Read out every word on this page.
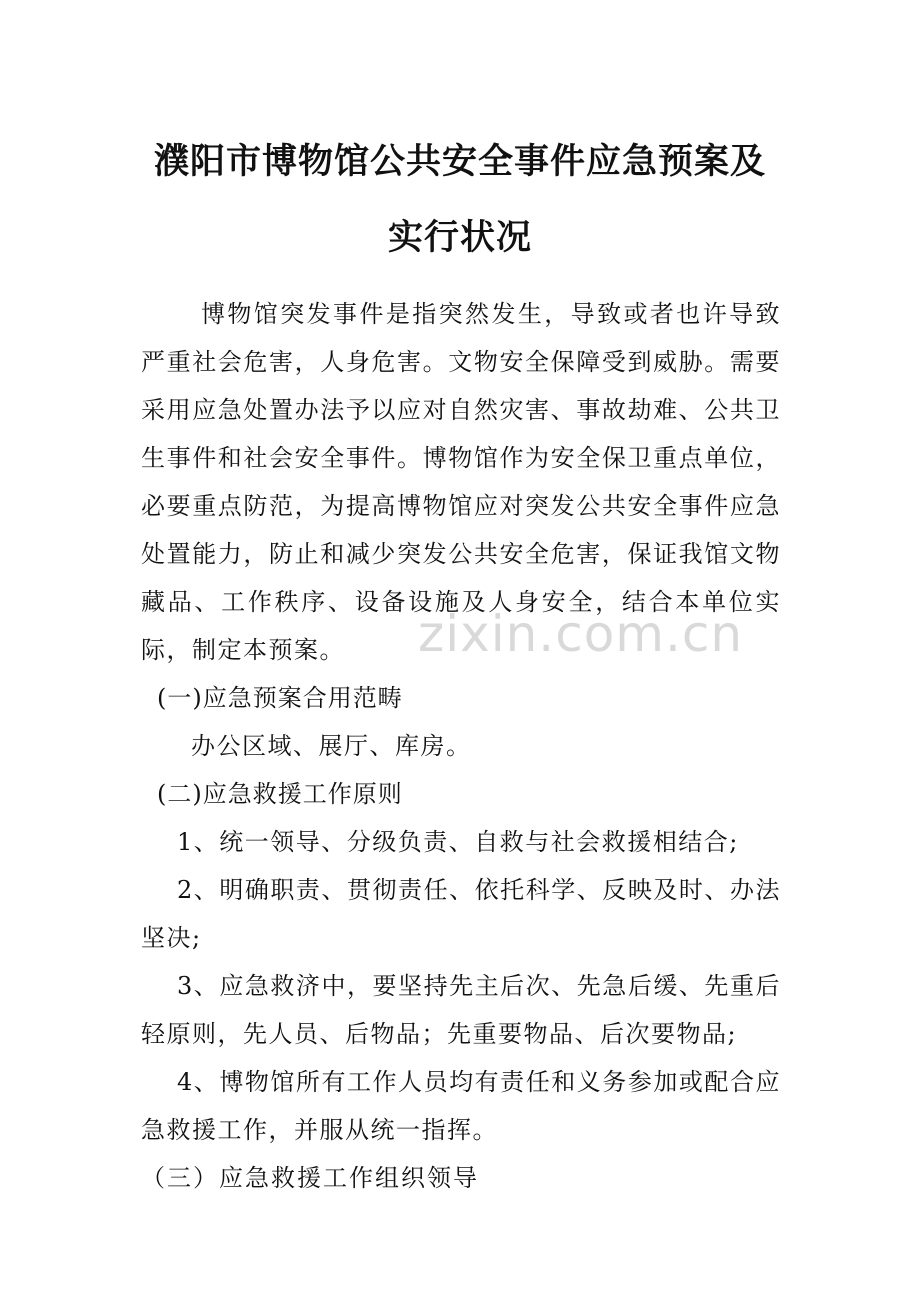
zixin.com.cn
濮阳市博物馆公共安全事件应急预案及
实行状况

博物馆突发事件是指突然发生，导致或者也许导致严重社会危害，人身危害。文物安全保障受到威胁。需要采用应急处置办法予以应对自然灾害、事故劫难、公共卫生事件和社会安全事件。博物馆作为安全保卫重点单位，必要重点防范，为提高博物馆应对突发公共安全事件应急处置能力，防止和减少突发公共安全危害，保证我馆文物藏品、工作秩序、设备设施及人身安全，结合本单位实际，制定本预案。

(一)应急预案合用范畴

办公区域、展厅、库房。

(二)应急救援工作原则

1、统一领导、分级负责、自救与社会救援相结合;

2、明确职责、贯彻责任、依托科学、反映及时、办法坚决;

3、应急救济中，要坚持先主后次、先急后缓、先重后轻原则，先人员、后物品；先重要物品、后次要物品;

4、博物馆所有工作人员均有责任和义务参加或配合应急救援工作，并服从统一指挥。

（三）应急救援工作组织领导
